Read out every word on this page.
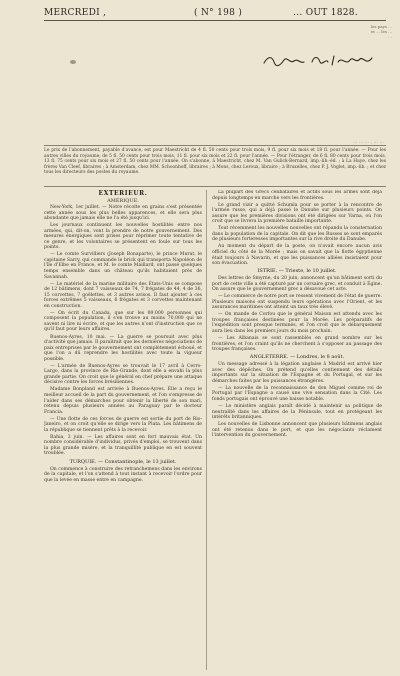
MERCREDI ,	( N° 198 )	... OUT 1828.
les pays ... et ... les ... ...
... ... ... , ... ...
Le prix de l'abonnement, payable d'avance, est pour Maestricht de 4 fl. 50 cents pour trois mois, 9 fl. pour six mois et 18 fl. pour l'année. — Pour les autres villes du royaume, de 5 fl. 50 cents pour trois mois, 11 fl. pour six mois et 22 fl. pour l'année. — Pour l'étranger, de 6 fl. 80 cents pour trois mois, 13 fl. 75 cents pour six mois et 27 fl. 50 cents pour l'année. On s'abonne, à Maestricht, chez M. Van Gulick-Bernard, imp.-lib.-éd. ; à La Haye, chez les frères Van Cleef, libraires ; à Amsterdam, chez MM. Schoonhoff, libraires ; à Mons, chez Leroux, libraire ; à Bruxelles, chez P. J. Voglet, imp.-lib. ; et chez tous les directeurs des postes du royaume.
EXTÉRIEUR.
AMÉRIQUE.

New-York, 1er juillet. — Notre récolte en grains s'est présentée cette année sous les plus belles apparences, et elle sera plus abondante que jamais elle ne l'a été jusqu'ici.

Les journaux continuent les nouvelles hostilités entre nos armées, qui, dit-on, vont la prendre de notre gouvernement. Des mesures énergiques sont prises pour réprimer toute tentative de ce genre, et les volontaires se présentent en foule sur tous les points.

— Le comte Survilliers (Joseph Bonaparte), le prince Murat, le capitaine Sarry, qui commande le brick qui transporta Napoléon de l'île d'Elbe en France, et M. le comte Maillard, ont passé quelques temps ensemble dans un château qu'ils habitaient près de Savannah.

— Le matériel de la marine militaire des États-Unis se compose de 12 bâtimens, dont 7 vaisseaux de 74, 7 frégates de 44, 4 de 36, 15 corvettes, 7 goëlettes, et 3 autres avisos. Il faut ajouter à ces forces extrêmes 5 vaisseaux, 6 frégates et 3 corvettes maintenant en construction.

— On écrit du Canada, que sur les 89,000 personnes qui composent la population, il s'en trouve au moins 70,000 qui ne savent ni lire ni écrire, et que les autres n'ont d'instruction que ce qu'il faut pour leurs affaires.

Buenos-Ayres, 10 mai. — La guerre se poursuit avec plus d'activité que jamais. Il paraîtrait que les dernières négociations de paix entreprises par le gouvernement ont complètement échoué, et que l'on a dû reprendre les hostilités avec toute la vigueur possible.

— L'armée de Buenos-Ayres se trouvait le 17 avril à Cerro-Largo, dans la province de Rio-Grande, dont elle a envahi la plus grande partie. On croit que le général en chef prépare une attaque décisive contre les forces brésiliennes.

Madame Bonpland est arrivée à Buenos-Ayres. Elle a reçu le meilleur accueil de la part du gouvernement, et l'on s'empresse de l'aider dans ses démarches pour obtenir la liberté de son mari, retenu depuis plusieurs années au Paraguay par le docteur Francia.

— Une flotte de ces forces de guerre est sortie du port de Rio-Janeiro, et on croit qu'elle se dirige vers la Plata. Les bâtimens de la république se tiennent prêts à la recevoir.

Bahia, 3 juin. — Les affaires sont en fort mauvais état. Un nombre considérable d'individus, privés d'emploi, se trouvent dans la plus grande misère, et la tranquillité publique en est souvent troublée.

TURQUIE. — Constantinople, le 13 juillet.

On commence à construire des retranchemens dans les environs de la capitale, et l'on s'attend à tout instant à recevoir l'ordre pour que la levée en masse entre en campagne.

La plupart des Grecs célibataires et actifs sous les armes sont déjà depuis longtemps en marche vers les frontières.

Le grand vizir a quitté Schumla pour se porter à la rencontre de l'armée russe, qui a déjà passé le Danube sur plusieurs points. On assure que les premières divisions ont été dirigées sur Varna, où l'on croit que se livrera la première bataille importante.

Tout récemment les nouvelles nouvelles ont répandu la consternation dans la population de la capitale. On dit que les Russes se sont emparés de plusieurs forteresses importantes sur la rive droite du Danube.

Au moment du départ de la poste, on n'avait encore aucun avis officiel du côté de la Morée ; mais on savait que la flotte égyptienne était toujours à Navarin, et que les puissances alliées insistaient pour son évacuation.

ISTRIE. — Trieste, le 10 juillet.

Des lettres de Smyrne, du 20 juin, annoncent qu'un bâtiment sorti du port de cette ville a été capturé par un corsaire grec, et conduit à Égine. On assure que le gouvernement grec a désavoué cet acte.

— Le commerce de notre port se ressent vivement de l'état de guerre. Plusieurs maisons ont suspendu leurs opérations avec l'Orient, et les assurances maritimes ont atteint un taux très élevé.

— On mande de Corfou que le général Maison est attendu avec les troupes françaises destinées pour la Morée. Les préparatifs de l'expédition sont presque terminés, et l'on croit que le débarquement aura lieu dans les premiers jours du mois prochain.

— Les Albanais se sont rassemblés en grand nombre sur les frontières, et l'on craint qu'ils ne cherchent à s'opposer au passage des troupes françaises.

ANGLETERRE. — Londres, le 8 août.

Un message adressé à la légation anglaise à Madrid est arrivé hier avec des dépêches. On prétend qu'elles contiennent des détails importants sur la situation de l'Espagne et du Portugal, et sur les démarches faites par les puissances étrangères.

— La nouvelle de la reconnaissance de don Miguel comme roi de Portugal par l'Espagne a causé une vive sensation dans la Cité. Les fonds portugais ont éprouvé une baisse notable.

— Le ministère anglais paraît décidé à maintenir sa politique de neutralité dans les affaires de la Péninsule, tout en protégeant les intérêts britanniques.

Les nouvelles de Lisbonne annoncent que plusieurs bâtimens anglais ont été retenus dans le port, et que les négociants réclament l'intervention du gouvernement.
